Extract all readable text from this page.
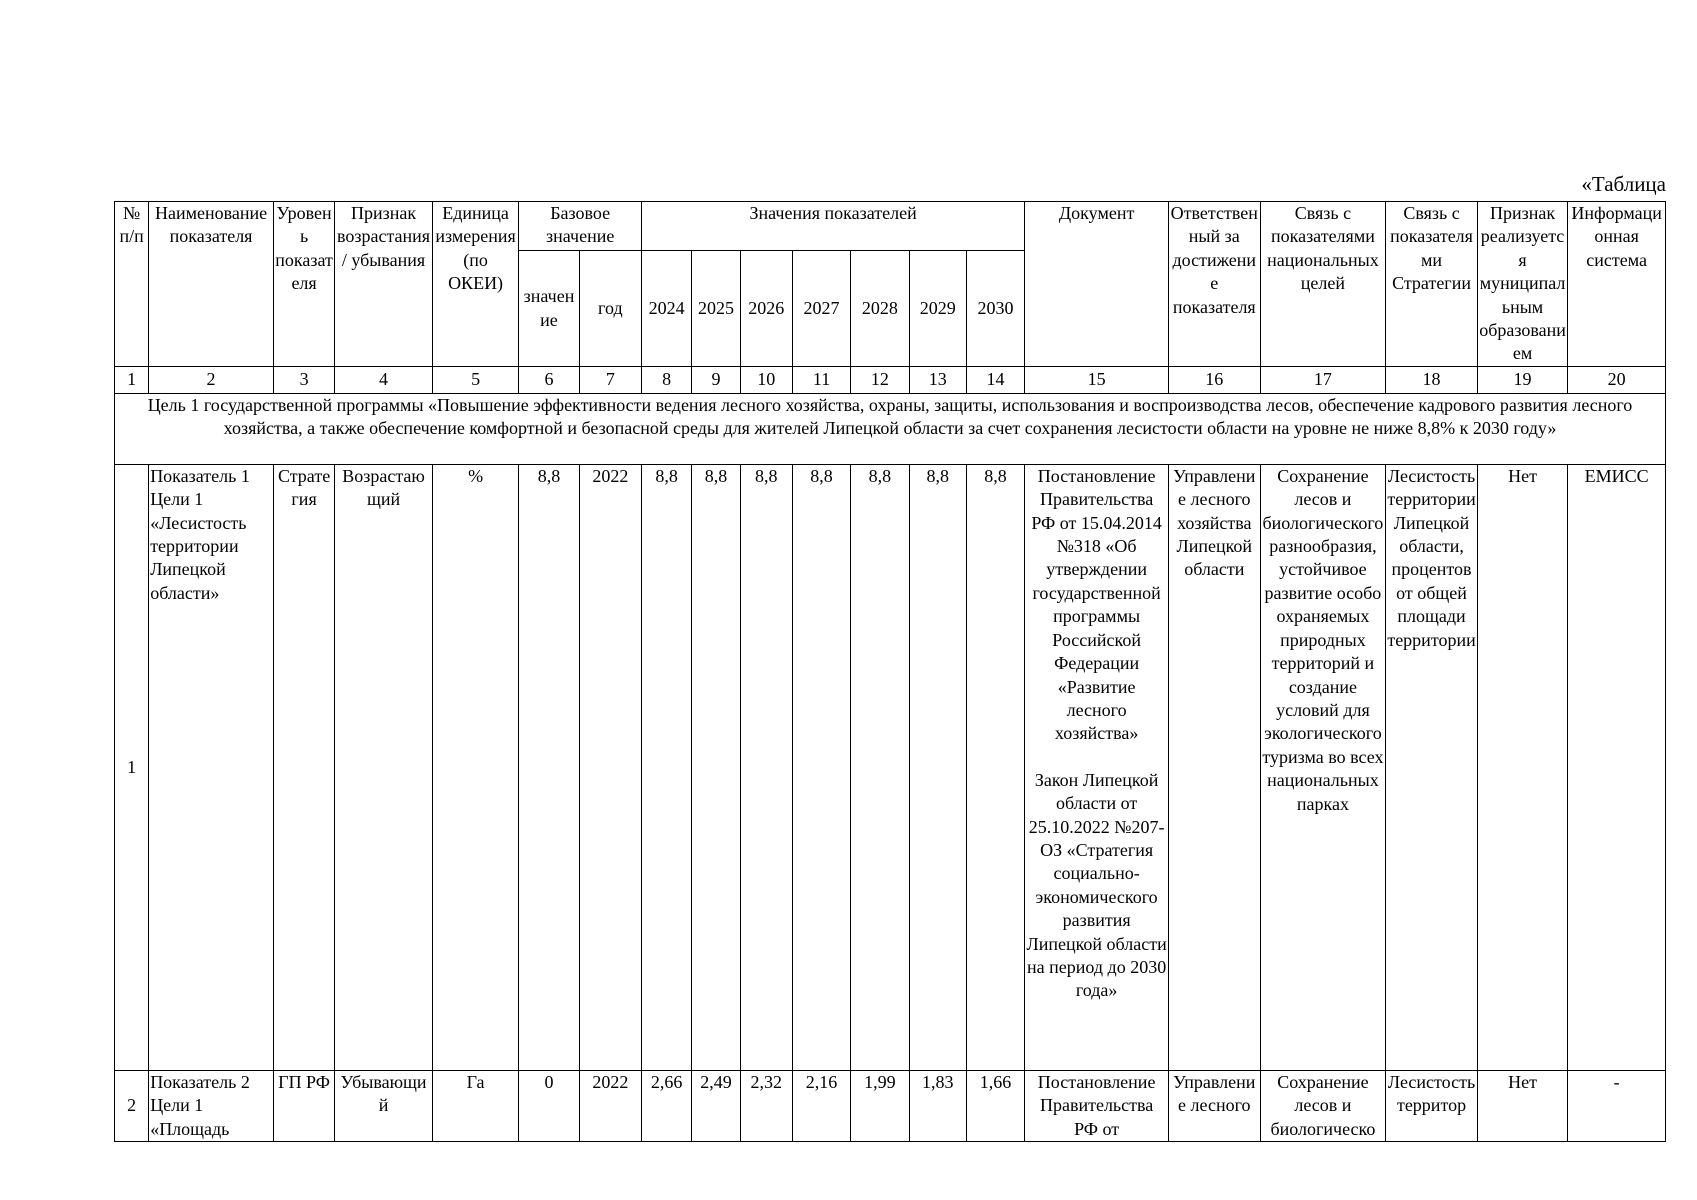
«Таблица
№ п/п	Наименование показателя	Уровень показателя	Признак возрастания/ убывания	Единица измерения (по ОКЕИ)	Базовое значение		Значения показателей							Документ	Ответственный за достижение показателя	Связь с показателями национальных целей	Связь с показателями Стратегии	Признак реализуется муниципальным образованием	Информационная система
					значение	год	2024	2025	2026	2027	2028	2029	2030						
1	2	3	4	5	6	7	8	9	10	11	12	13	14	15	16	17	18	19	20
Цель 1 государственной программы «Повышение эффективности ведения лесного хозяйства, охраны, защиты, использования и воспроизводства лесов, обеспечение кадрового развития лесного хозяйства, а также обеспечение комфортной и безопасной среды для жителей Липецкой области за счет сохранения лесистости области на уровне не ниже 8,8% к 2030 году»																			
1	Показатель 1 Цели 1 «Лесистость территории Липецкой области»	Стратегия	Возрастающий	%	8,8	2022	8,8	8,8	8,8	8,8	8,8	8,8	8,8	Постановление Правительства РФ от 15.04.2014 №318 «Об утверждении государственной программы Российской Федерации «Развитие лесного хозяйства»
Закон Липецкой области от 25.10.2022 №207-ОЗ «Стратегия социально-экономического развития Липецкой области на период до 2030 года»	Управление лесного хозяйства Липецкой области	Сохранение лесов и биологического разнообразия, устойчивое развитие особо охраняемых природных территорий и создание условий для экологического туризма во всех национальных парках	Лесистость территории Липецкой области, процентов от общей площади территории	Нет	ЕМИСС
2	Показатель 2 Цели 1 «Площадь	ГП РФ	Убывающий	Га	0	2022	2,66	2,49	2,32	2,16	1,99	1,83	1,66	Постановление Правительства РФ от	Управление лесного	Сохранение лесов и биологическо	Лесистость территор	Нет	-
